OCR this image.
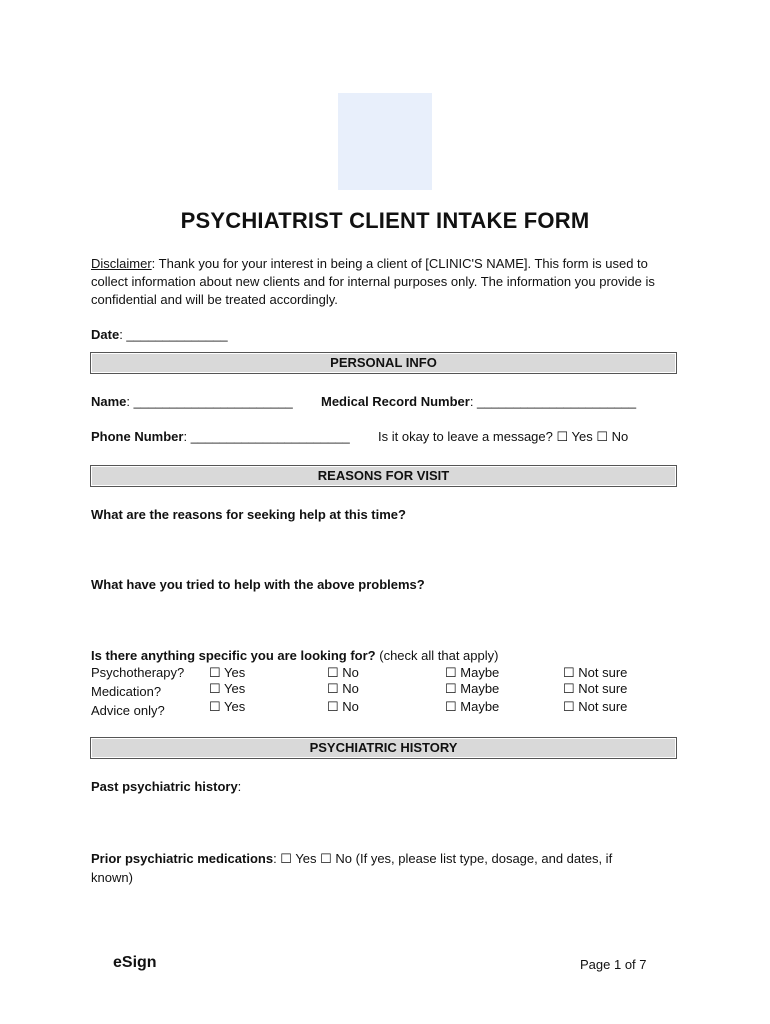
PSYCHIATRIST CLIENT INTAKE FORM
Disclaimer: Thank you for your interest in being a client of [CLINIC'S NAME]. This form is used to collect information about new clients and for internal purposes only. The information you provide is confidential and will be treated accordingly.
Date: ______________
PERSONAL INFO
Name: ______________________ Medical Record Number: ______________________
Phone Number: ______________________ Is it okay to leave a message? ☐ Yes ☐ No
REASONS FOR VISIT
What are the reasons for seeking help at this time?
What have you tried to help with the above problems?
Is there anything specific you are looking for? (check all that apply)
Psychotherapy? ☐ Yes	☐ No	☐ Maybe	☐ Not sure
Medication?	☐ Yes	☐ No	☐ Maybe	☐ Not sure
Advice only?	☐ Yes	☐ No	☐ Maybe	☐ Not sure
PSYCHIATRIC HISTORY
Past psychiatric history:
Prior psychiatric medications: ☐ Yes ☐ No (If yes, please list type, dosage, and dates, if
known)
eSign	Page 1 of 7
